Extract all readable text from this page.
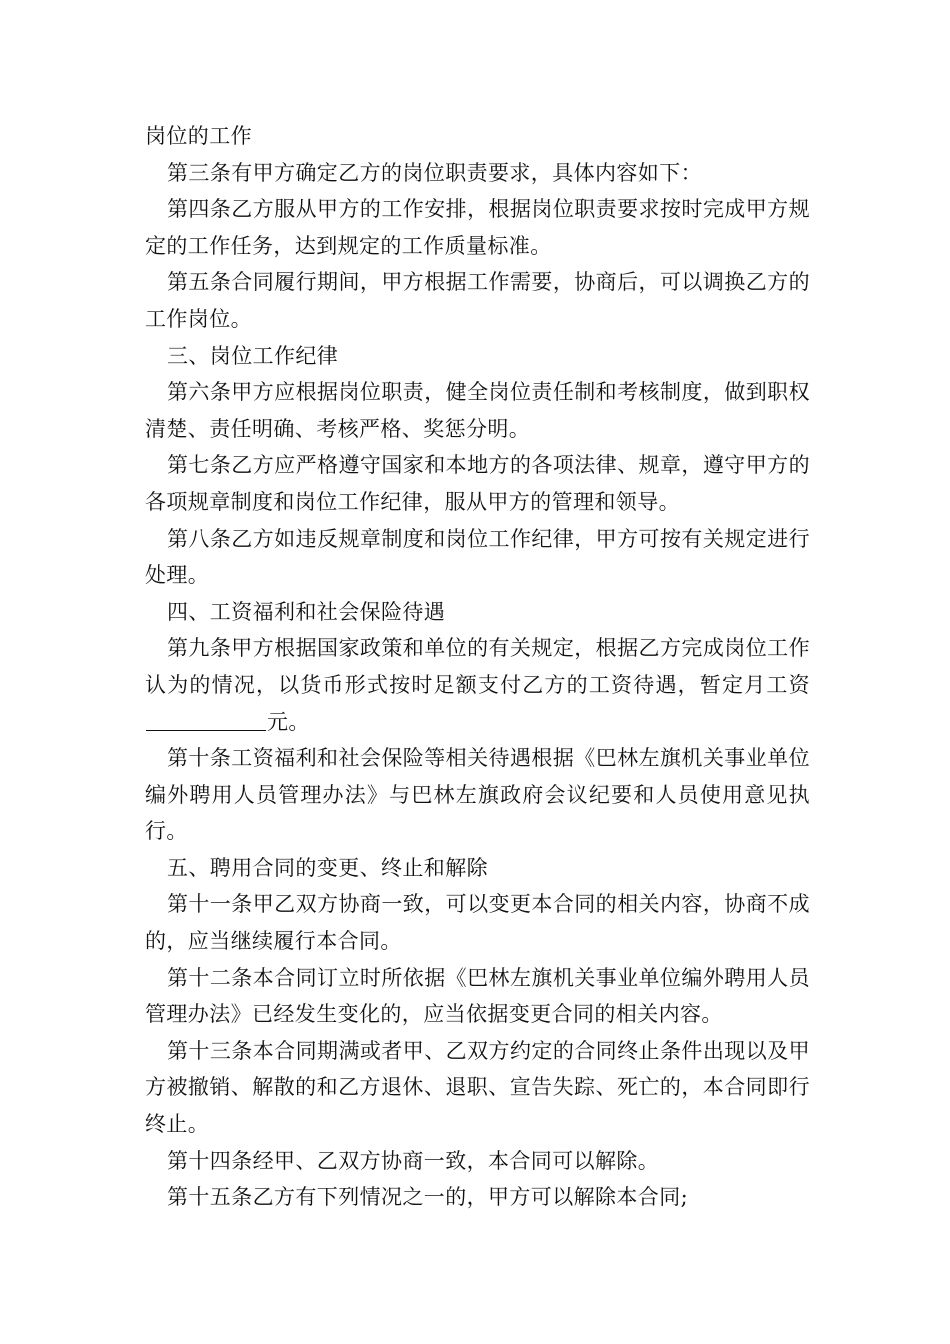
岗位的工作

第三条有甲方确定乙方的岗位职责要求，具体内容如下：

第四条乙方服从甲方的工作安排，根据岗位职责要求按时完成甲方规定的工作任务，达到规定的工作质量标准。

第五条合同履行期间，甲方根据工作需要，协商后，可以调换乙方的工作岗位。

三、岗位工作纪律

第六条甲方应根据岗位职责，健全岗位责任制和考核制度，做到职权清楚、责任明确、考核严格、奖惩分明。

第七条乙方应严格遵守国家和本地方的各项法律、规章，遵守甲方的各项规章制度和岗位工作纪律，服从甲方的管理和领导。

第八条乙方如违反规章制度和岗位工作纪律，甲方可按有关规定进行处理。

四、工资福利和社会保险待遇

第九条甲方根据国家政策和单位的有关规定，根据乙方完成岗位工作认为的情况，以货币形式按时足额支付乙方的工资待遇，暂定月工资元。

第十条工资福利和社会保险等相关待遇根据《巴林左旗机关事业单位编外聘用人员管理办法》与巴林左旗政府会议纪要和人员使用意见执行。

五、聘用合同的变更、终止和解除

第十一条甲乙双方协商一致，可以变更本合同的相关内容，协商不成的，应当继续履行本合同。

第十二条本合同订立时所依据《巴林左旗机关事业单位编外聘用人员管理办法》已经发生变化的，应当依据变更合同的相关内容。

第十三条本合同期满或者甲、乙双方约定的合同终止条件出现以及甲方被撤销、解散的和乙方退休、退职、宣告失踪、死亡的，本合同即行终止。

第十四条经甲、乙双方协商一致，本合同可以解除。

第十五条乙方有下列情况之一的，甲方可以解除本合同;
